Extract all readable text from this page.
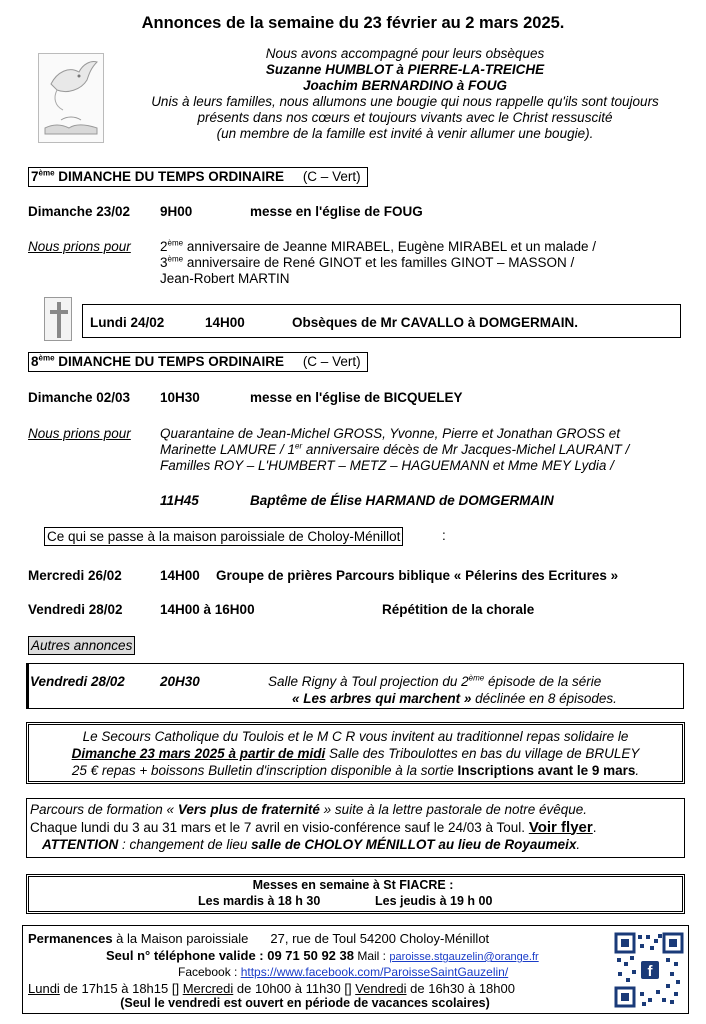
Annonces de la semaine du 23 février au 2 mars 2025.
Nous avons accompagné pour leurs obsèques
Suzanne HUMBLOT à PIERRE-LA-TREICHE
Joachim BERNARDINO à FOUG
Unis à leurs familles, nous allumons une bougie qui nous rappelle qu'ils sont toujours
présents dans nos cœurs et toujours vivants avec le Christ ressuscité
(un membre de la famille est invité à venir allumer une bougie).
7ème DIMANCHE DU TEMPS ORDINAIRE (C – Vert)
Dimanche 23/02 9H00	messe en l'église de FOUG
Nous prions pour 2ème anniversaire de Jeanne MIRABEL, Eugène MIRABEL et un malade /
3ème anniversaire de René GINOT et les familles GINOT – MASSON /
Jean-Robert MARTIN
Lundi 24/02	14H00	Obsèques de Mr CAVALLO à DOMGERMAIN.
8ème DIMANCHE DU TEMPS ORDINAIRE (C – Vert)
Dimanche 02/03 10H30	messe en l'église de BICQUELEY
Nous prions pour Quarantaine de Jean-Michel GROSS, Yvonne, Pierre et Jonathan GROSS et
Marinette LAMURE / 1er anniversaire décès de Mr Jacques-Michel LAURANT /
Familles ROY – L'HUMBERT – METZ – HAGUEMANN et Mme MEY Lydia /
11H45	Baptême de Élise HARMAND de DOMGERMAIN
Ce qui se passe à la maison paroissiale de Choloy-Ménillot	:
Mercredi 26/02	14H00 Groupe de prières Parcours biblique « Pélerins des Ecritures »
Vendredi 28/02	14H00 à 16H00	Répétition de la chorale
Autres annonces
Vendredi 28/02	20H30	Salle Rigny à Toul projection du 2ème épisode de la série
« Les arbres qui marchent » déclinée en 8 épisodes.
Le Secours Catholique du Toulois et le M C R vous invitent au traditionnel repas solidaire le
Dimanche 23 mars 2025 à partir de midi Salle des Triboulottes en bas du village de BRULEY
25 € repas + boissons Bulletin d'inscription disponible à la sortie Inscriptions avant le 9 mars.
Parcours de formation « Vers plus de fraternité » suite à la lettre pastorale de notre évêque.
Chaque lundi du 3 au 31 mars et le 7 avril en visio-conférence sauf le 24/03 à Toul. Voir flyer.
ATTENTION : changement de lieu salle de CHOLOY MÉNILLOT au lieu de Royaumeix.
Messes en semaine à St FIACRE :
Les mardis à 18 h 30	Les jeudis à 19 h 00
Permanences à la Maison paroissiale 27, rue de Toul 54200 Choloy-Ménillot
Seul n° téléphone valide : 09 71 50 92 38 Mail : paroisse.stgauzelin@orange.fr
Facebook : https://www.facebook.com/ParoisseSaintGauzelin/
Lundi de 17h15 à 18h15 [] Mercredi de 10h00 à 11h30 [] Vendredi de 16h30 à 18h00
(Seul le vendredi est ouvert en période de vacances scolaires)
f
